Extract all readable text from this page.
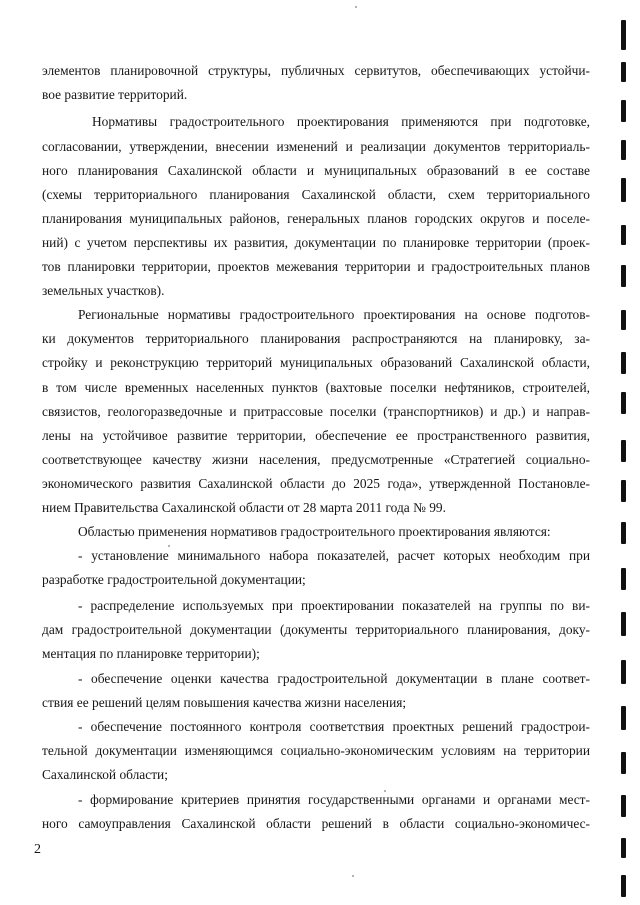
элементов планировочной структуры, публичных сервитутов, обеспечивающих устойчи-
вое развитие территорий.
Нормативы градостроительного проектирования применяются при подготовке,
согласовании, утверждении, внесении изменений и реализации документов территориаль-
ного планирования Сахалинской области и муниципальных образований в ее составе
(схемы территориального планирования Сахалинской области, схем территориального
планирования муниципальных районов, генеральных планов городских округов и поселе-
ний) с учетом перспективы их развития, документации по планировке территории (проек-
тов планировки территории, проектов межевания территории и градостроительных планов
земельных участков).
Региональные нормативы градостроительного проектирования на основе подготов-
ки документов территориального планирования распространяются на планировку, за-
стройку и реконструкцию территорий муниципальных образований Сахалинской области,
в том числе временных населенных пунктов (вахтовые поселки нефтяников, строителей,
связистов, геологоразведочные и притрассовые поселки (транспортников) и др.) и направ-
лены на устойчивое развитие территории, обеспечение ее пространственного развития,
соответствующее качеству жизни населения, предусмотренные «Стратегией социально-
экономического развития Сахалинской области до 2025 года», утвержденной Постановле-
нием Правительства Сахалинской области от 28 марта 2011 года № 99.
Областью применения нормативов градостроительного проектирования являются:
- установление минимального набора показателей, расчет которых необходим при
разработке градостроительной документации;
- распределение используемых при проектировании показателей на группы по ви-
дам градостроительной документации (документы территориального планирования, доку-
ментация по планировке территории);
- обеспечение оценки качества градостроительной документации в плане соответ-
ствия ее решений целям повышения качества жизни населения;
- обеспечение постоянного контроля соответствия проектных решений градострои-
тельной документации изменяющимся социально-экономическим условиям на территории
Сахалинской области;
- формирование критериев принятия государственными органами и органами мест-
ного самоуправления Сахалинской области решений в области социально-экономичес-
2
